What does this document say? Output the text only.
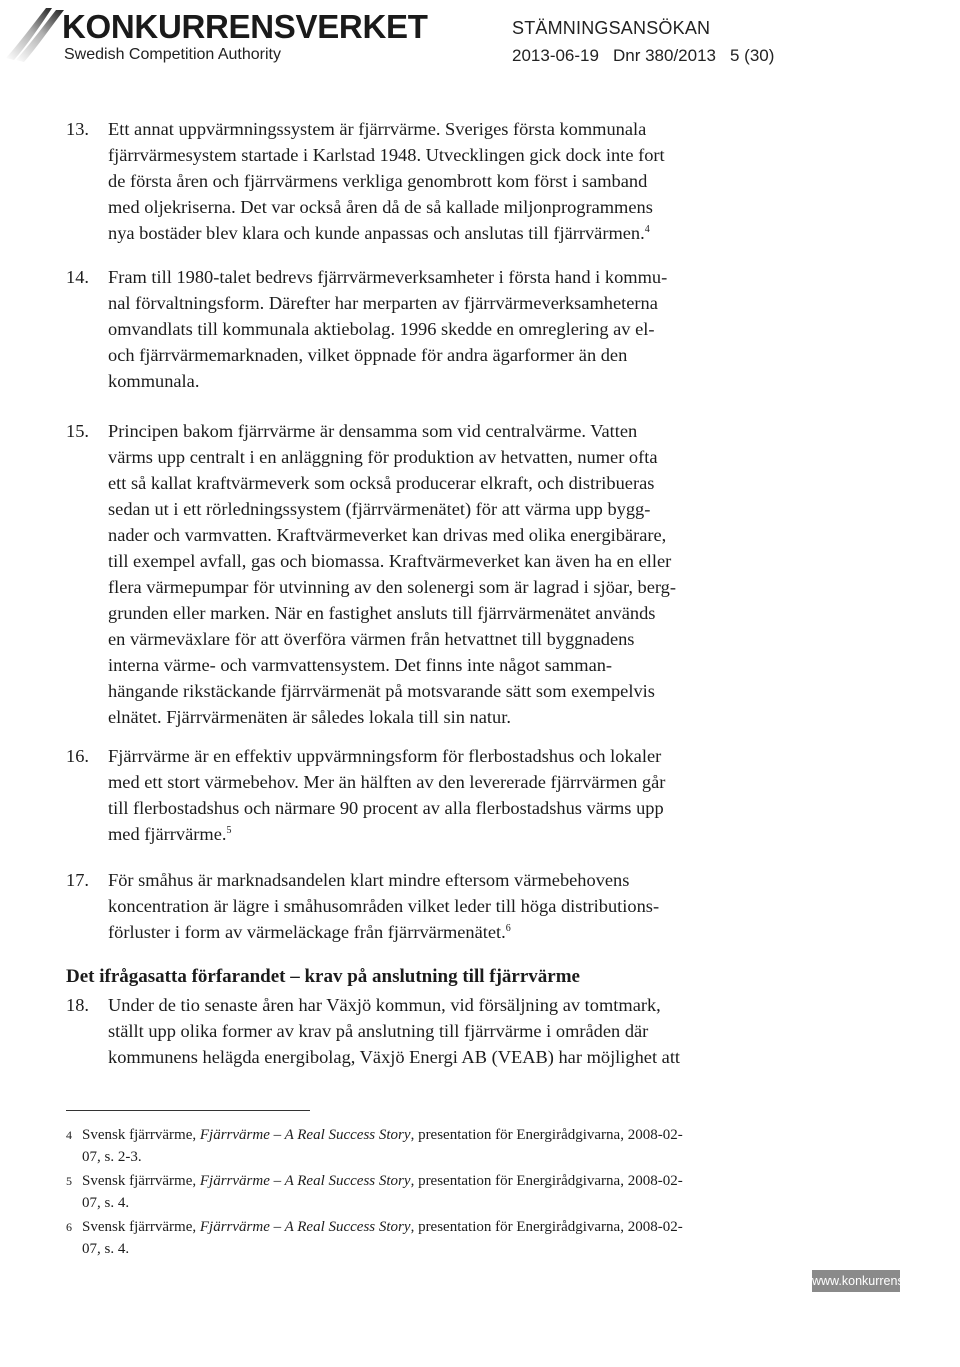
KONKURRENSVERKET
Swedish Competition Authority
STÄMNINGSANSÖKAN
2013-06-19 Dnr 380/2013 5 (30)
13. Ett annat uppvärmningssystem är fjärrvärme. Sveriges första kommunala
fjärrvärmesystem startade i Karlstad 1948. Utvecklingen gick dock inte fort
de första åren och fjärrvärmens verkliga genombrott kom först i samband
med oljekriserna. Det var också åren då de så kallade miljonprogrammens
nya bostäder blev klara och kunde anpassas och anslutas till fjärrvärmen.$^4$
14. Fram till 1980-talet bedrevs fjärrvärmeverksamheter i första hand i kommu-
nal förvaltningsform. Därefter har merparten av fjärrvärmeverksamheterna
omvandlats till kommunala aktiebolag. 1996 skedde en omreglering av el-
och fjärrvärmemarknaden, vilket öppnade för andra ägarformer än den
kommunala.
15. Principen bakom fjärrvärme är densamma som vid centralvärme. Vatten
värms upp centralt i en anläggning för produktion av hetvatten, numer ofta
ett så kallat kraftvärmeverk som också producerar elkraft, och distribueras
sedan ut i ett rörledningssystem (fjärrvärmenätet) för att värma upp bygg-
nader och varmvatten. Kraftvärmeverket kan drivas med olika energibärare,
till exempel avfall, gas och biomassa. Kraftvärmeverket kan även ha en eller
flera värmepumpar för utvinning av den solenergi som är lagrad i sjöar, berg-
grunden eller marken. När en fastighet ansluts till fjärrvärmenätet används
en värmeväxlare för att överföra värmen från hetvattnet till byggnadens
interna värme- och varmvattensystem. Det finns inte något samman-
hängande rikstäckande fjärrvärmenät på motsvarande sätt som exempelvis
elnätet. Fjärrvärmenäten är således lokala till sin natur.
16. Fjärrvärme är en effektiv uppvärmningsform för flerbostadshus och lokaler
med ett stort värmebehov. Mer än hälften av den levererade fjärrvärmen går
till flerbostadshus och närmare 90 procent av alla flerbostadshus värms upp
med fjärrvärme.$^5$
17. För småhus är marknadsandelen klart mindre eftersom värmebehovens
koncentration är lägre i småhusområden vilket leder till höga distributions-
förluster i form av värmeläckage från fjärrvärmenätet.$^6$
Det ifrågasatta förfarandet – krav på anslutning till fjärrvärme
18. Under de tio senaste åren har Växjö kommun, vid försäljning av tomtmark,
ställt upp olika former av krav på anslutning till fjärrvärme i områden där
kommunens helägda energibolag, Växjö Energi AB (VEAB) har möjlighet att
4 Svensk fjärrvärme, Fjärrvärme – A Real Success Story, presentation för Energirådgivarna, 2008-02-
07, s. 2-3.
5 Svensk fjärrvärme, Fjärrvärme – A Real Success Story, presentation för Energirådgivarna, 2008-02-
07, s. 4.
6 Svensk fjärrvärme, Fjärrvärme – A Real Success Story, presentation för Energirådgivarna, 2008-02-
07, s. 4.
www.konkurrensverket.se
